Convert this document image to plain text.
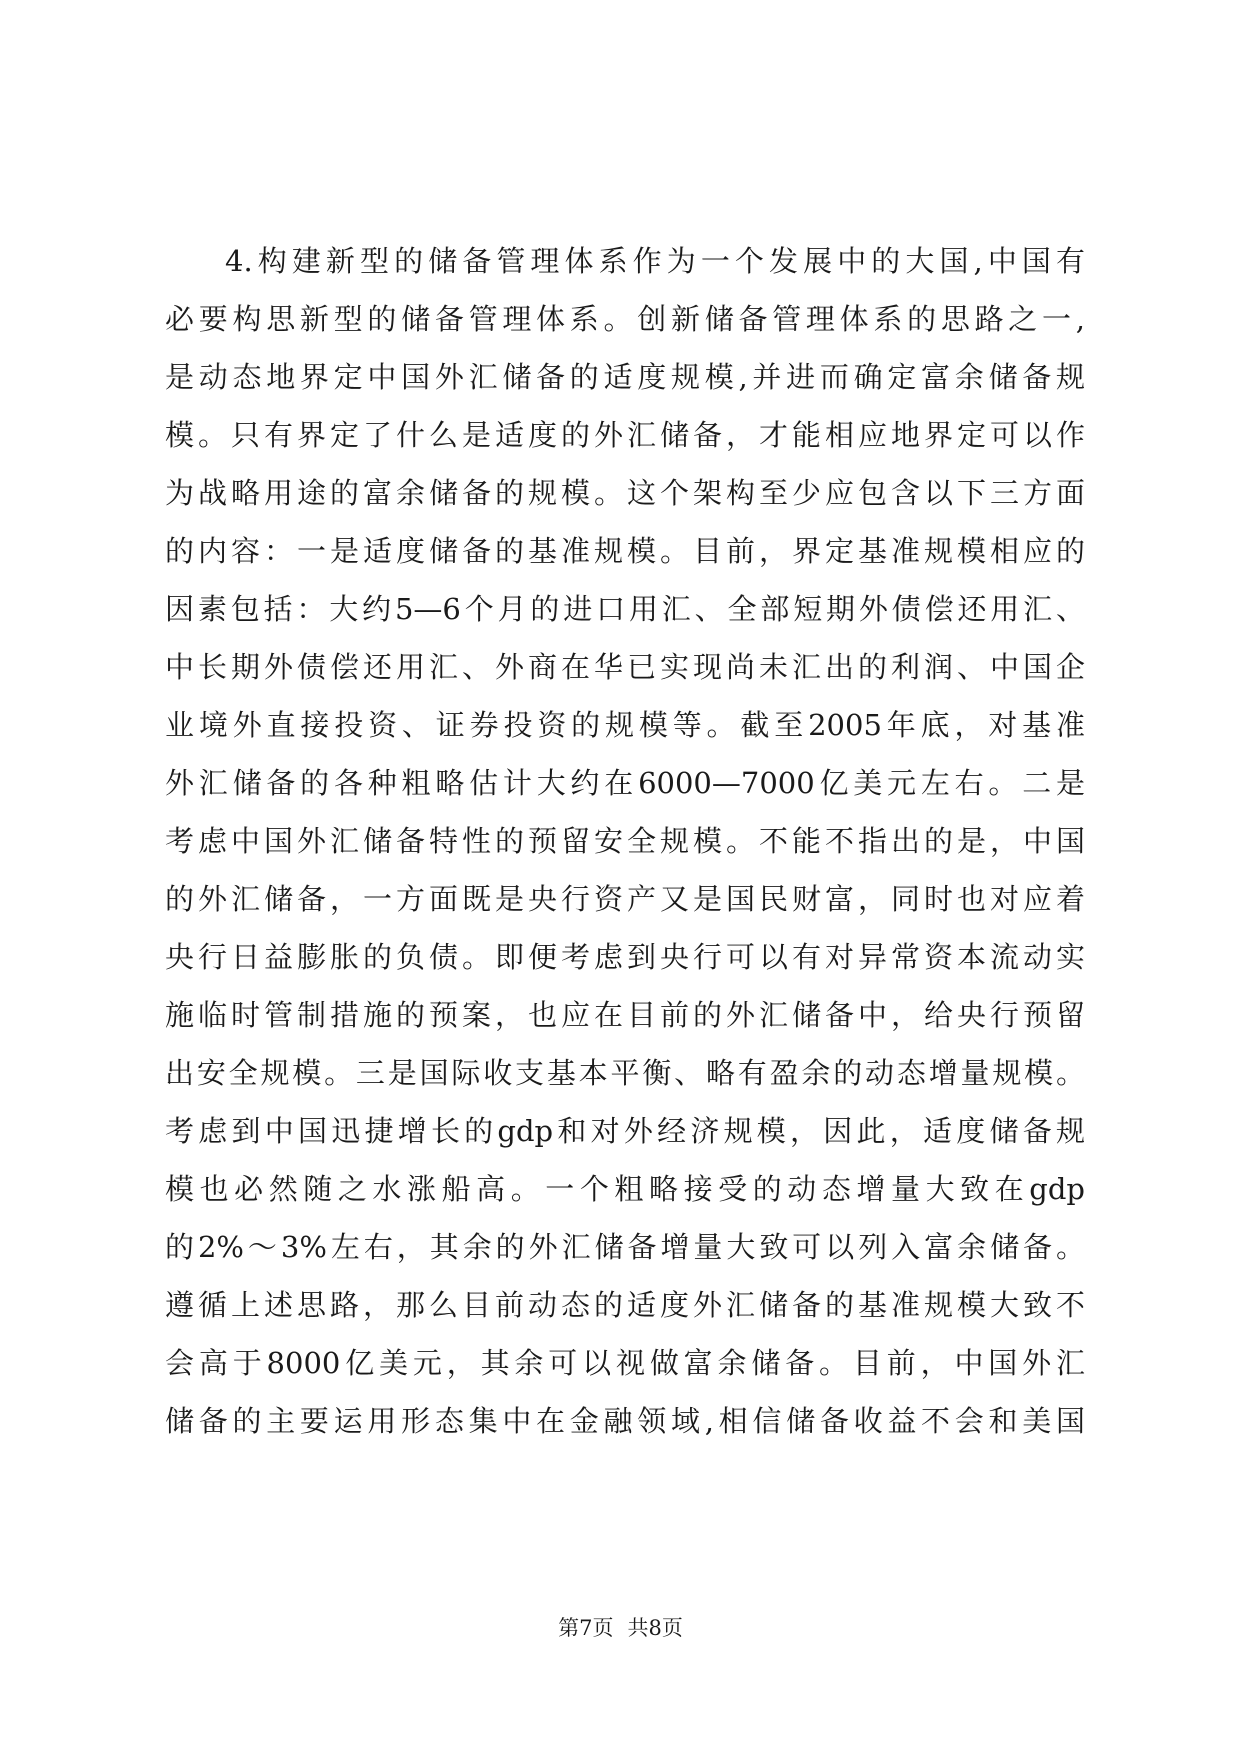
4.构建新型的储备管理体系作为一个发展中的大国,中国有
必要构思新型的储备管理体系。创新储备管理体系的思路之一,
是动态地界定中国外汇储备的适度规模,并进而确定富余储备规
模。只有界定了什么是适度的外汇储备，才能相应地界定可以作
为战略用途的富余储备的规模。这个架构至少应包含以下三方面
的内容：一是适度储备的基准规模。目前，界定基准规模相应的
因素包括：大约5—6个月的进口用汇、全部短期外债偿还用汇、
中长期外债偿还用汇、外商在华已实现尚未汇出的利润、中国企
业境外直接投资、证券投资的规模等。截至2005年底，对基准
外汇储备的各种粗略估计大约在6000—7000亿美元左右。二是
考虑中国外汇储备特性的预留安全规模。不能不指出的是，中国
的外汇储备，一方面既是央行资产又是国民财富，同时也对应着
央行日益膨胀的负债。即便考虑到央行可以有对异常资本流动实
施临时管制措施的预案，也应在目前的外汇储备中，给央行预留
出安全规模。三是国际收支基本平衡、略有盈余的动态增量规模。
考虑到中国迅捷增长的gdp和对外经济规模，因此，适度储备规
模也必然随之水涨船高。一个粗略接受的动态增量大致在gdp
的2%～3%左右，其余的外汇储备增量大致可以列入富余储备。
遵循上述思路，那么目前动态的适度外汇储备的基准规模大致不
会高于8000亿美元，其余可以视做富余储备。目前，中国外汇
储备的主要运用形态集中在金融领域,相信储备收益不会和美国
第7页 共8页
